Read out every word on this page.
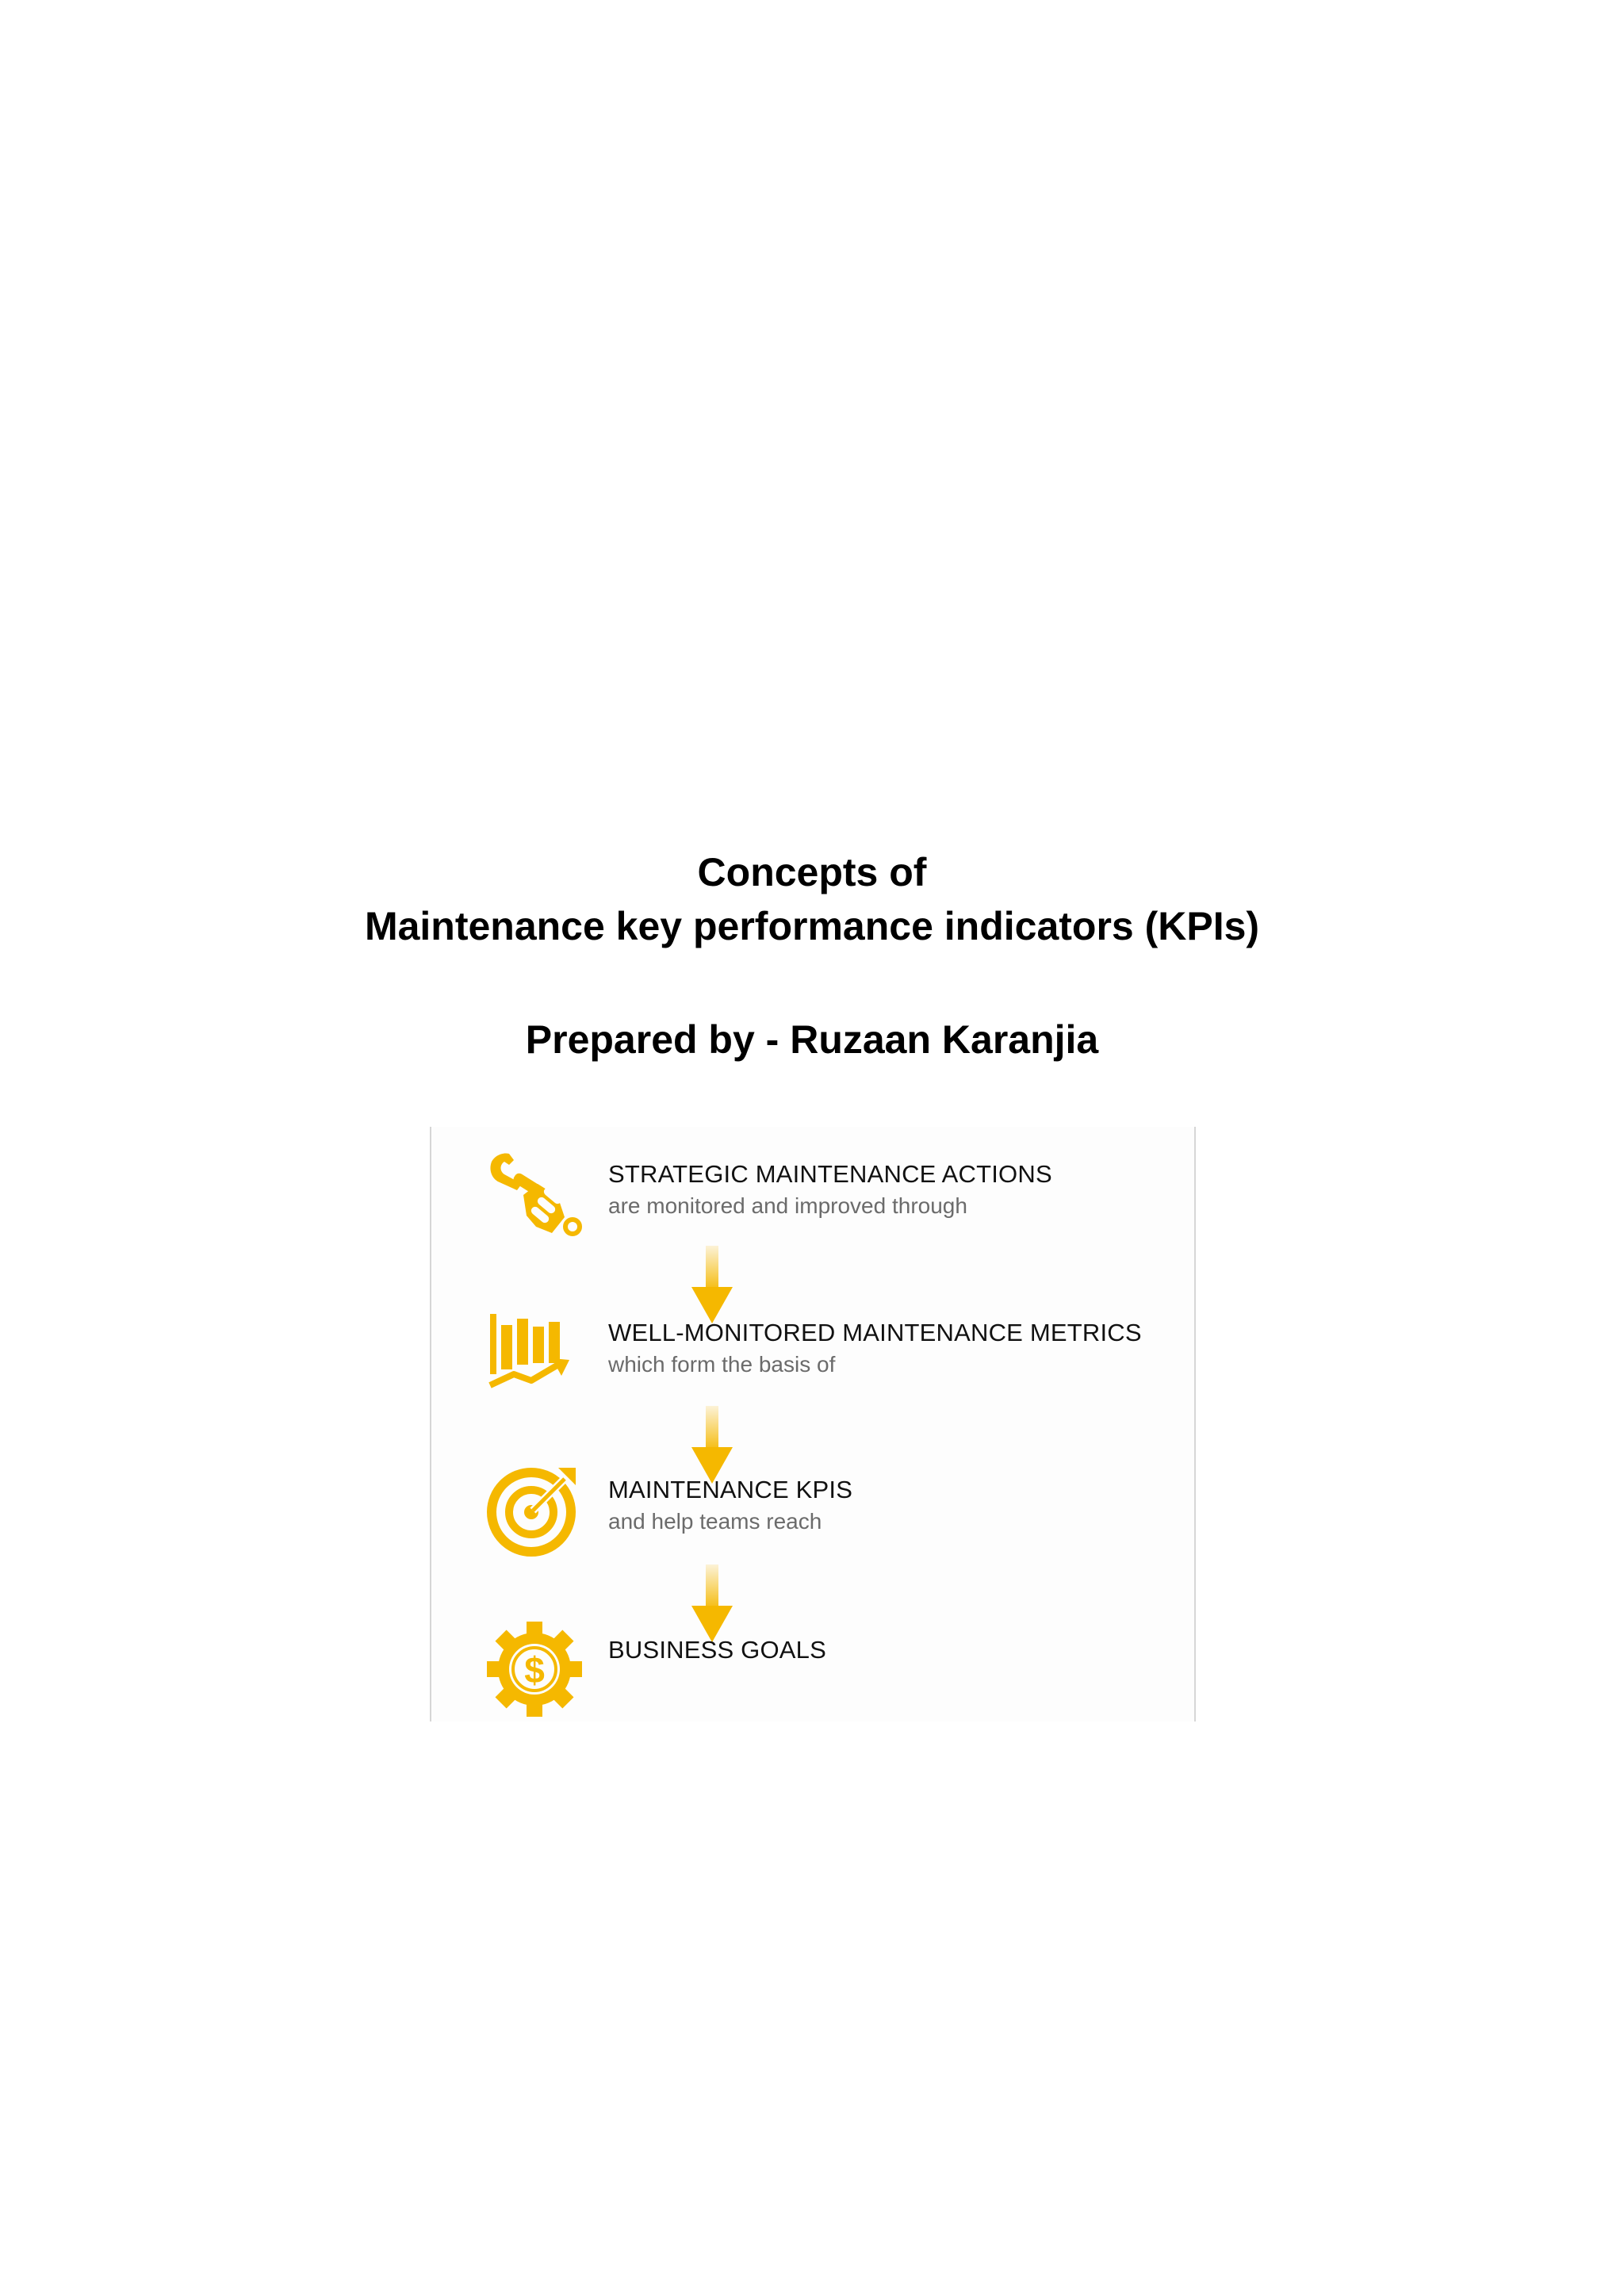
Concepts of
Maintenance key performance indicators (KPIs)
Prepared by - Ruzaan Karanjia
STRATEGIC MAINTENANCE ACTIONS
are monitored and improved through
WELL-MONITORED MAINTENANCE METRICS
which form the basis of
MAINTENANCE KPIS
and help teams reach
$	BUSINESS GOALS
